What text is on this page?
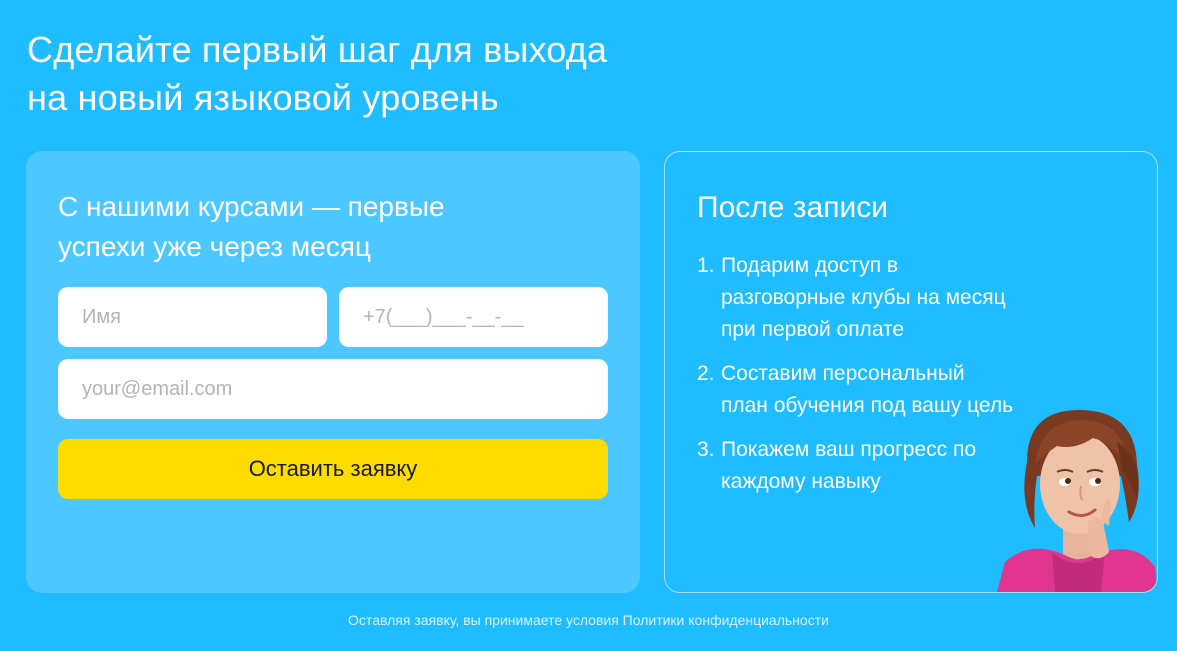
Сделайте первый шаг для выхода
на новый языковой уровень
С нашими курсами — первые
успехи уже через месяц
Имя
+7(___)___-__-__
your@email.com
Оставить заявку
После записи
1. Подарим доступ в разговорные клубы на месяц при первой оплате
2. Составим персональный план обучения под вашу цель
3. Покажем ваш прогресс по каждому навыку

Оставляя заявку, вы принимаете условия Политики конфиденциальности
